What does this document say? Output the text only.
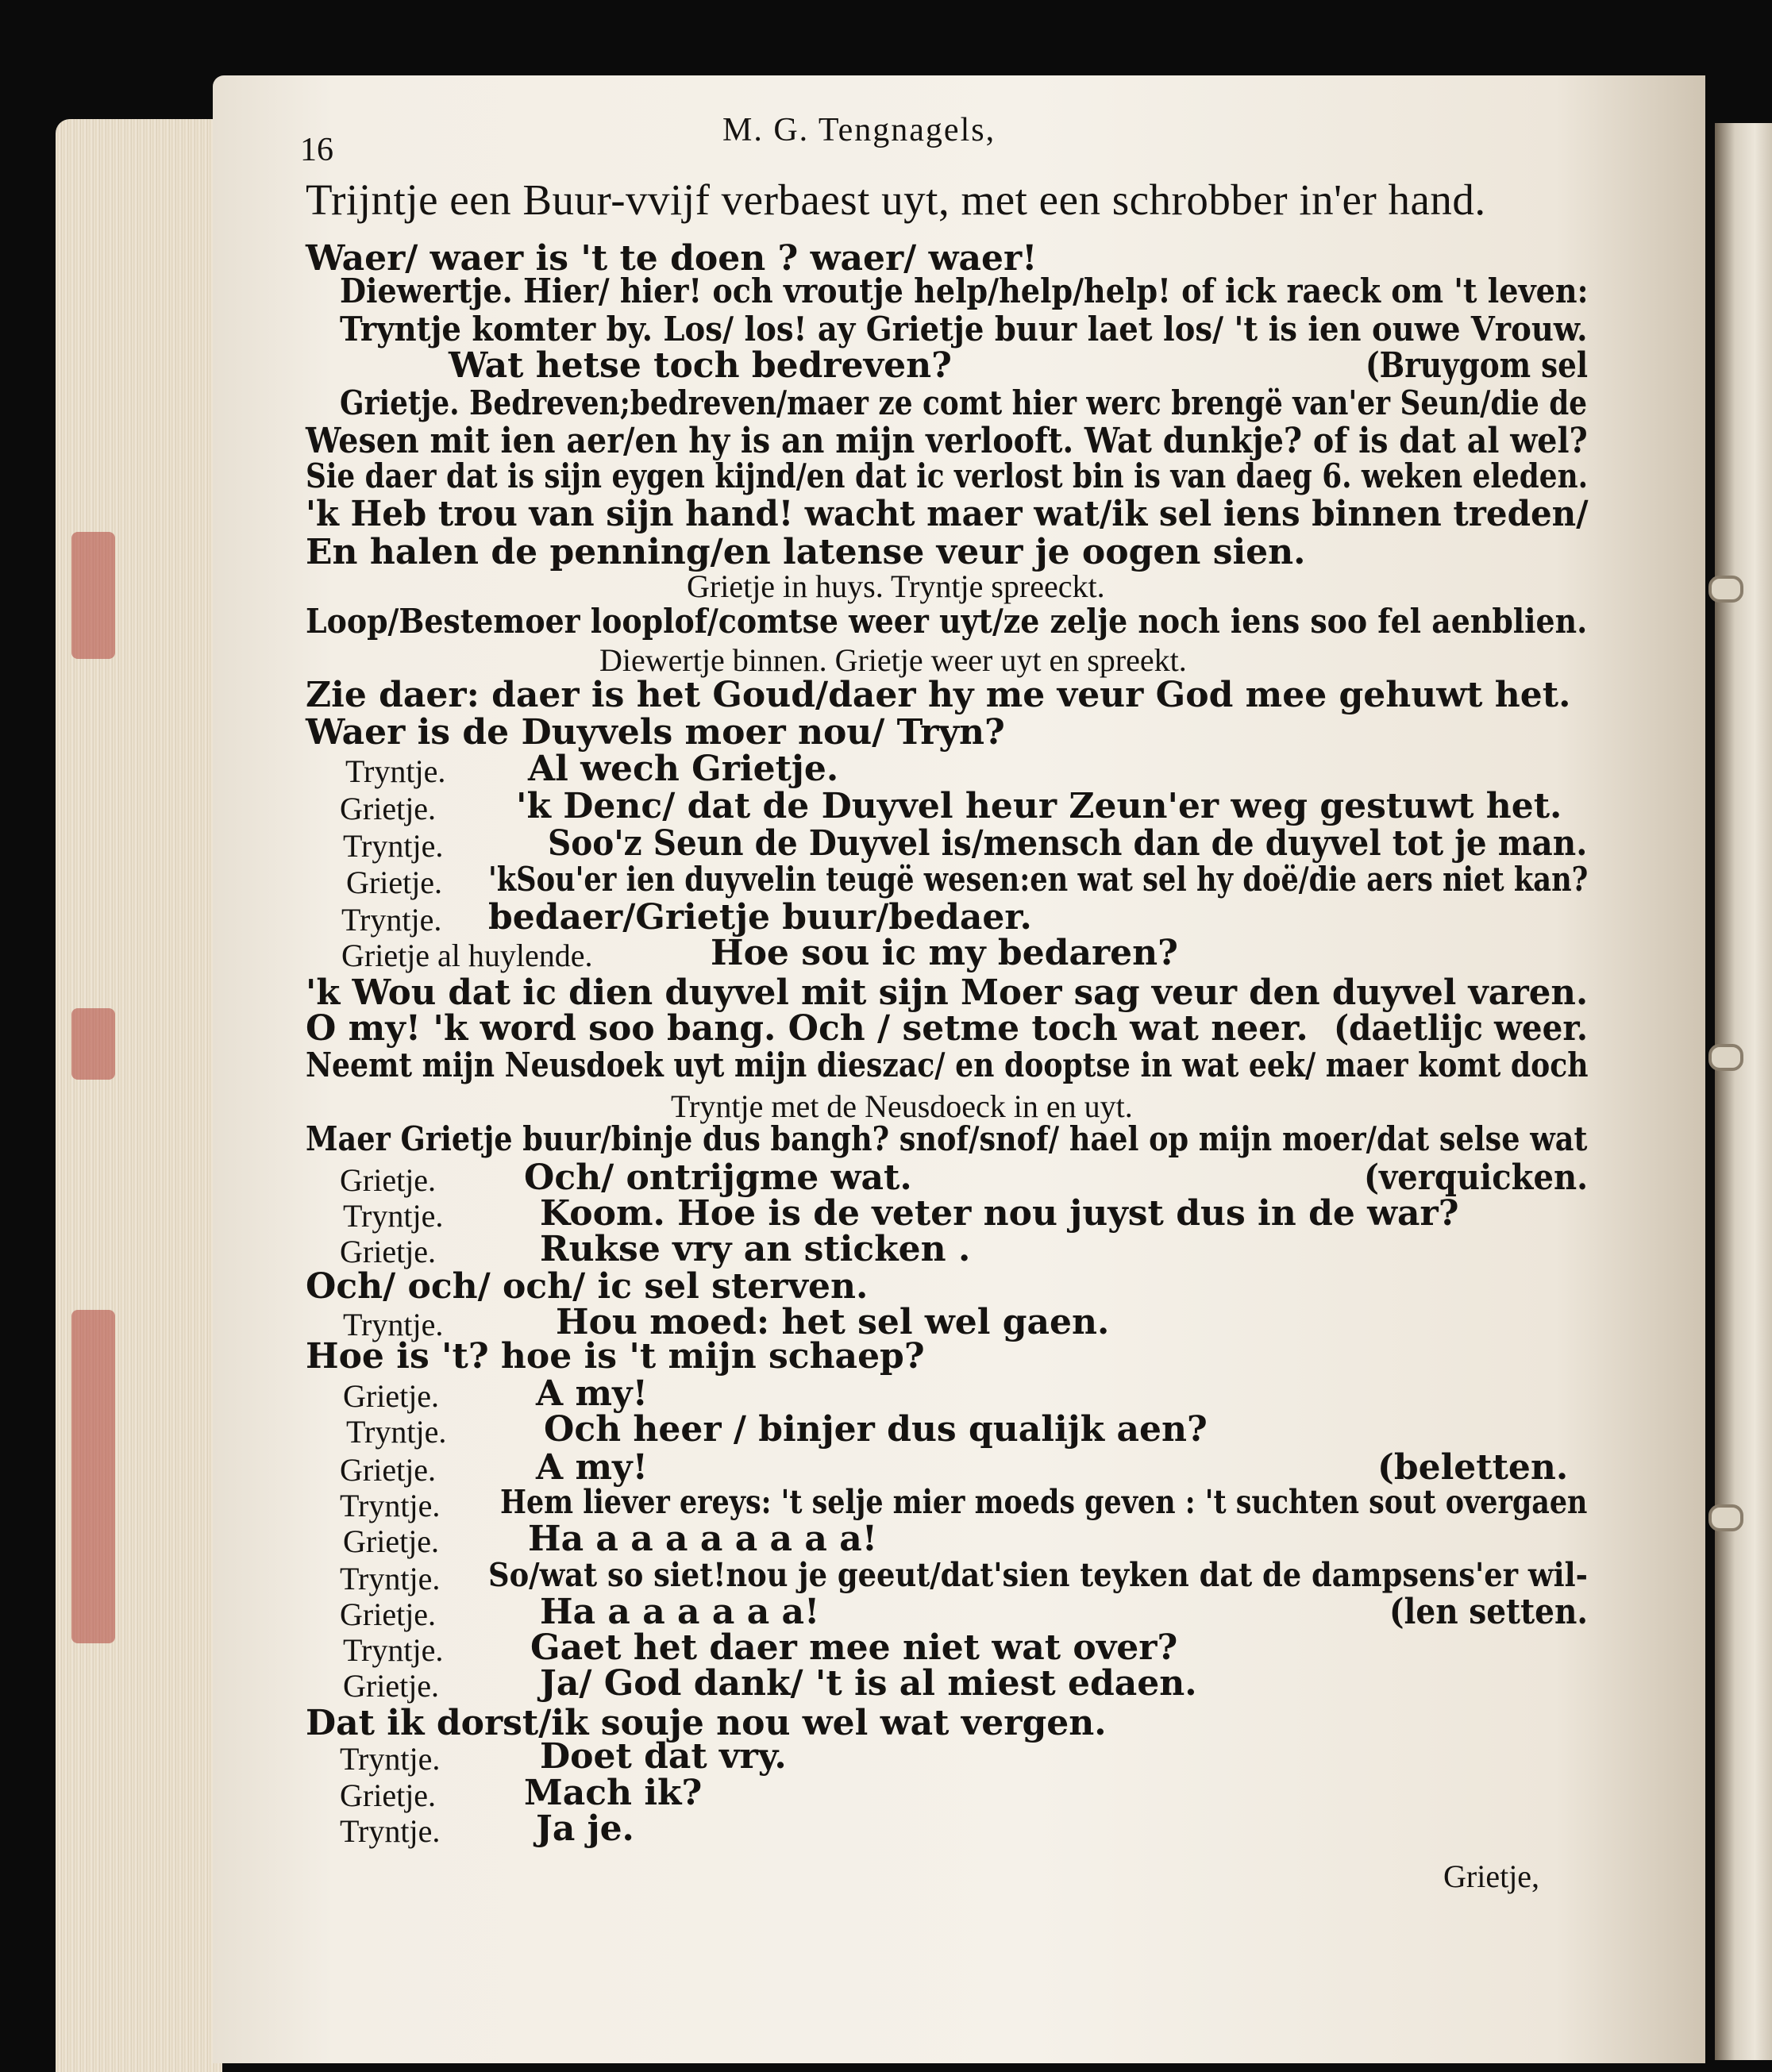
16
M. G. Tengnagels,
Trijntje een Buur-vvijf verbaest uyt, met een schrobber in'er hand.
Waer/ waer is 't te doen ? waer/ waer!
Diewertje. Hier/ hier! och vroutje help/help/help! of ick raeck om 't leven:
Tryntje komter by. Los/ los! ay Grietje buur laet los/ 't is ien ouwe Vrouw.
Wat hetse toch bedreven?	(Bruygom sel
Grietje. Bedreven;bedreven/maer ze comt hier werc brengë van'er Seun/die de
Wesen mit ien aer/en hy is an mijn verlooft. Wat dunkje? of is dat al wel?
Sie daer dat is sijn eygen kijnd/en dat ic verlost bin is van daeg 6. weken eleden.
'k Heb trou van sijn hand! wacht maer wat/ik sel iens binnen treden/
En halen de penning/en latense veur je oogen sien.
Grietje in huys. Tryntje spreeckt.
Loop/Bestemoer looplof/comtse weer uyt/ze zelje noch iens soo fel aenblien.
Diewertje binnen. Grietje weer uyt en spreekt.
Zie daer: daer is het Goud/daer hy me veur God mee gehuwt het.
Waer is de Duyvels moer nou/ Tryn?
Tryntje. Al wech Grietje.
Grietje. 'k Denc/ dat de Duyvel heur Zeun'er weg gestuwt het.
Tryntje.	Soo'z Seun de Duyvel is/mensch dan de duyvel tot je man.
Grietje. 'kSou'er ien duyvelin teugë wesen:en wat sel hy doë/die aers niet kan?
Tryntje. bedaer/Grietje buur/bedaer.
Grietje al huylende.	Hoe sou ic my bedaren?
'k Wou dat ic dien duyvel mit sijn Moer sag veur den duyvel varen.
O my! 'k word soo bang. Och / setme toch wat neer. (daetlijc weer.
Neemt mijn Neusdoek uyt mijn dieszac/ en dooptse in wat eek/ maer komt doch
Tryntje met de Neusdoeck in en uyt.
Maer Grietje buur/binje dus bangh? snof/snof/ hael op mijn moer/dat selse wat
Grietje.	Och/ ontrijgme wat.	(verquicken.
Tryntje.	Koom. Hoe is de veter nou juyst dus in de war?
Grietje.	Rukse vry an sticken .
Och/ och/ och/ ic sel sterven.
Tryntje.	Hou moed: het sel wel gaen.
Hoe is 't? hoe is 't mijn schaep?
Grietje.	A my!
Tryntje.	Och heer / binjer dus qualijk aen?
Grietje.	A my!	(beletten.
Tryntje. Hem liever ereys: 't selje mier moeds geven : 't suchten sout overgaen
Grietje.	Ha a a a a a a a a!
Tryntje. So/wat so siet!nou je geeut/dat'sien teyken dat de dampsens'er wil-
Grietje.	Ha a a a a a a!	(len setten.
Tryntje. Gaet het daer mee niet wat over?
Grietje.	Ja/ God dank/ 't is al miest edaen.
Dat ik dorst/ik souje nou wel wat vergen.
Tryntje.	Doet dat vry.
Grietje.	Mach ik?
Tryntje.	Ja je.
Grietje,
